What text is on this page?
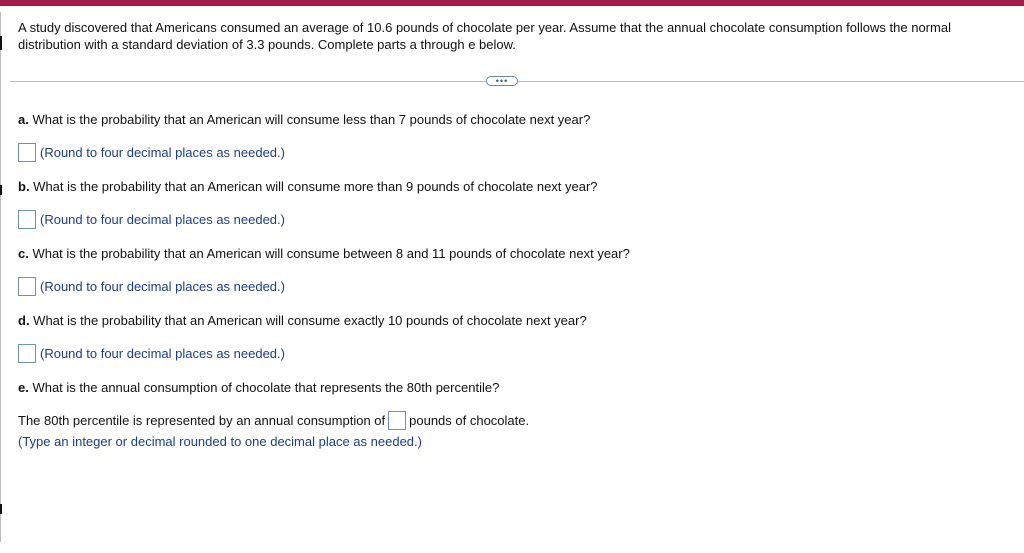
A study discovered that Americans consumed an average of 10.6 pounds of chocolate per year. Assume that the annual chocolate consumption follows the normal distribution with a standard deviation of 3.3 pounds. Complete parts a through e below.
•••
a. What is the probability that an American will consume less than 7 pounds of chocolate next year?
(Round to four decimal places as needed.)
b. What is the probability that an American will consume more than 9 pounds of chocolate next year?
(Round to four decimal places as needed.)
c. What is the probability that an American will consume between 8 and 11 pounds of chocolate next year?
(Round to four decimal places as needed.)
d. What is the probability that an American will consume exactly 10 pounds of chocolate next year?
(Round to four decimal places as needed.)
e. What is the annual consumption of chocolate that represents the 80th percentile?
The 80th percentile is represented by an annual consumption of pounds of chocolate.
(Type an integer or decimal rounded to one decimal place as needed.)
